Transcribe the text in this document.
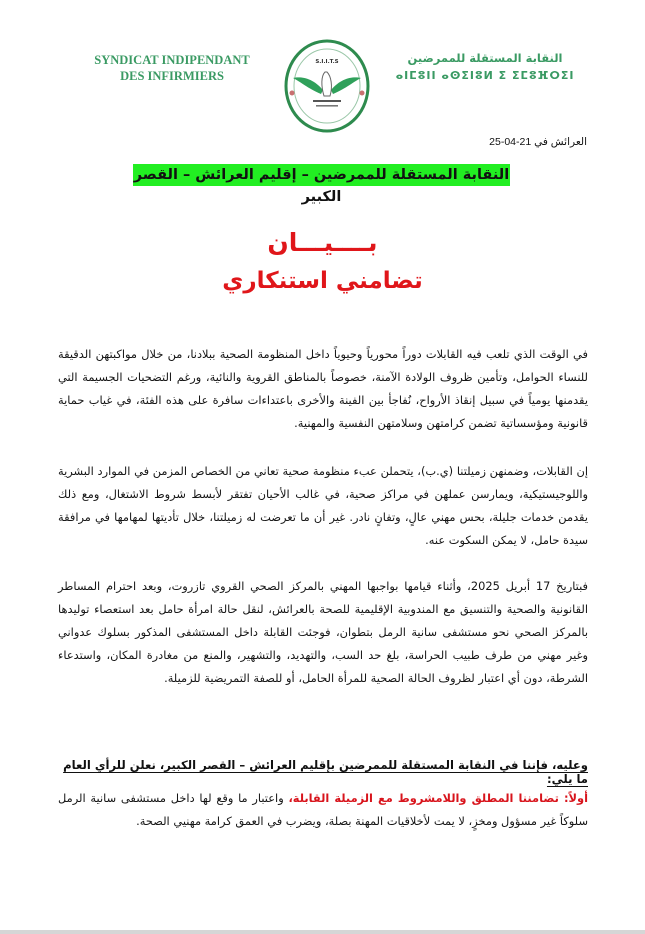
SYNDICAT INDIPENDANT
DES INFIRMIERS
S.I.I.T.S	النقابة المستقلة للممرضين
ⴰⵏⵎⵓⵏⵏ ⴰⵙⵉⵏⵓⵍ ⵉ ⵉⵎⵓⴼⵔⵉⵏ
العرائش في 21-04-25
النقابة المستقلة للممرضين – إقليم العرائش – القصر الكبير
بــــيـــان
تضامني استنكاري

في الوقت الذي تلعب فيه القابلات دوراً محورياً وحيوياً داخل المنظومة الصحية ببلادنا، من خلال مواكبتهن الدقيقة للنساء الحوامل، وتأمين ظروف الولادة الآمنة، خصوصاً بالمناطق القروية والنائية، ورغم التضحيات الجسيمة التي يقدمنها يومياً في سبيل إنقاذ الأرواح، نُفاجأ بين الفينة والأخرى باعتداءات سافرة على هذه الفئة، في غياب حماية قانونية ومؤسساتية تضمن كرامتهن وسلامتهن النفسية والمهنية.

إن القابلات، وضمنهن زميلتنا (ي.ب)، يتحملن عبء منظومة صحية تعاني من الخصاص المزمن في الموارد البشرية واللوجيستيكية، ويمارسن عملهن في مراكز صحية، في غالب الأحيان تفتقر لأبسط شروط الاشتغال، ومع ذلك يقدمن خدمات جليلة، بحس مهني عالٍ، وتفانٍ نادر. غير أن ما تعرضت له زميلتنا، خلال تأديتها لمهامها في مرافقة سيدة حامل، لا يمكن السكوت عنه.

فبتاريخ 17 أبريل 2025، وأثناء قيامها بواجبها المهني بالمركز الصحي القروي تازروت، وبعد احترام المساطر القانونية والصحية والتنسيق مع المندوبية الإقليمية للصحة بالعرائش، لنقل حالة امرأة حامل بعد استعصاء توليدها بالمركز الصحي نحو مستشفى سانية الرمل بتطوان، فوجئت القابلة داخل المستشفى المذكور بسلوك عدواني وغير مهني من طرف طبيب الحراسة، بلغ حد السب، والتهديد، والتشهير، والمنع من مغادرة المكان، واستدعاء الشرطة، دون أي اعتبار لظروف الحالة الصحية للمرأة الحامل، أو للصفة التمريضية للزميلة.

وعليه، فإننا في النقابة المستقلة للممرضين بإقليم العرائش – القصر الكبير، نعلن للرأي العام ما يلي:

أولاً: تضامننا المطلق واللامشروط مع الزميلة القابلة، واعتبار ما وقع لها داخل مستشفى سانية الرمل سلوكاً غير مسؤول ومخزٍ، لا يمت لأخلاقيات المهنة بصلة، ويضرب في العمق كرامة مهنيي الصحة.
